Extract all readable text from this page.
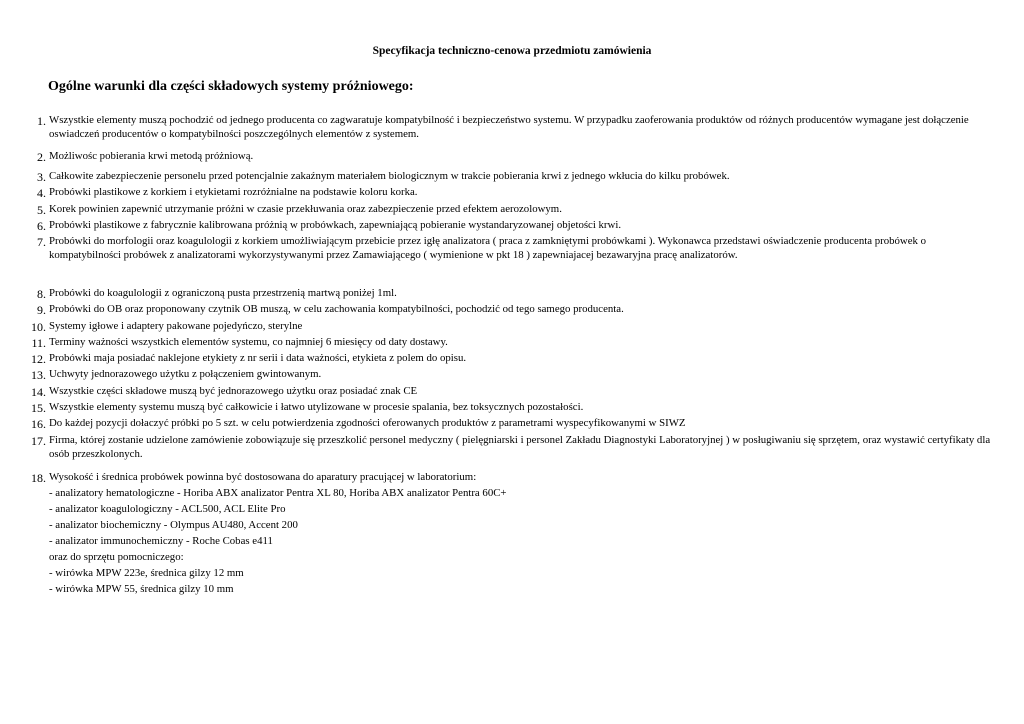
Specyfikacja techniczno-cenowa przedmiotu zamówienia
Ogólne warunki dla części składowych systemy próżniowego:
1. Wszystkie elementy muszą pochodzić od jednego producenta co zagwaratuje kompatybilność i bezpieczeństwo systemu. W przypadku zaoferowania produktów od różnych producentów wymagane jest dołączenie oswiadczeń producentów o kompatybilności poszczególnych elementów z systemem.
2. Możliwośc pobierania krwi metodą próżniową.
3. Całkowite zabezpieczenie personelu przed potencjalnie zakaźnym materiałem biologicznym w trakcie pobierania krwi z jednego wkłucia do kilku probówek.
4. Probówki plastikowe z korkiem i etykietami rozróżnialne na podstawie koloru korka.
5. Korek powinien zapewnić utrzymanie próżni w czasie przekłuwania oraz zabezpieczenie przed efektem aerozolowym.
6. Probówki plastikowe z fabrycznie kalibrowana próżnią w probówkach, zapewniającą pobieranie wystandaryzowanej objetości krwi.
7. Probówki do morfologii oraz koagulologii z korkiem umożliwiającym przebicie przez igłę analizatora ( praca z zamkniętymi probówkami ). Wykonawca przedstawi oświadczenie producenta probówek o kompatybilności probówek z analizatorami wykorzystywanymi przez Zamawiającego ( wymienione w pkt 18 ) zapewniajacej bezawaryjna pracę analizatorów.
8. Probówki do koagulologii z ograniczoną pusta przestrzenią martwą poniżej 1ml.
9. Probówki do OB oraz proponowany czytnik OB muszą, w celu zachowania kompatybilności, pochodzić od tego samego producenta.
10. Systemy igłowe i adaptery pakowane pojedyńczo, sterylne
11. Terminy ważności wszystkich elementów systemu, co najmniej 6 miesięcy od daty dostawy.
12. Probówki maja posiadać naklejone etykiety z nr serii i data ważności, etykieta z polem do opisu.
13. Uchwyty jednorazowego użytku z połączeniem gwintowanym.
14. Wszystkie części składowe muszą być jednorazowego użytku oraz posiadać znak CE
15. Wszystkie elementy systemu muszą być całkowicie i łatwo utylizowane w procesie spalania, bez toksycznych pozostałości.
16. Do każdej pozycji dołaczyć próbki po 5 szt. w celu potwierdzenia zgodności oferowanych produktów z parametrami wyspecyfikowanymi w SIWZ
17. Firma, której zostanie udzielone zamówienie zobowiązuje się przeszkolić personel medyczny ( pielęgniarski i personel Zakładu Diagnostyki Laboratoryjnej ) w posługiwaniu się sprzętem, oraz wystawić certyfikaty dla osób przeszkolonych.
18. Wysokość i średnica probówek powinna być dostosowana do aparatury pracującej w laboratorium:
- analizatory hematologiczne - Horiba ABX analizator Pentra XL 80, Horiba ABX analizator Pentra 60C+
- analizator koagulologiczny - ACL500, ACL Elite Pro
- analizator biochemiczny - Olympus AU480, Accent 200
- analizator immunochemiczny - Roche Cobas e411
oraz do sprzętu pomocniczego:
- wirówka MPW 223e, średnica gilzy 12 mm
- wirówka MPW 55, średnica gilzy 10 mm
